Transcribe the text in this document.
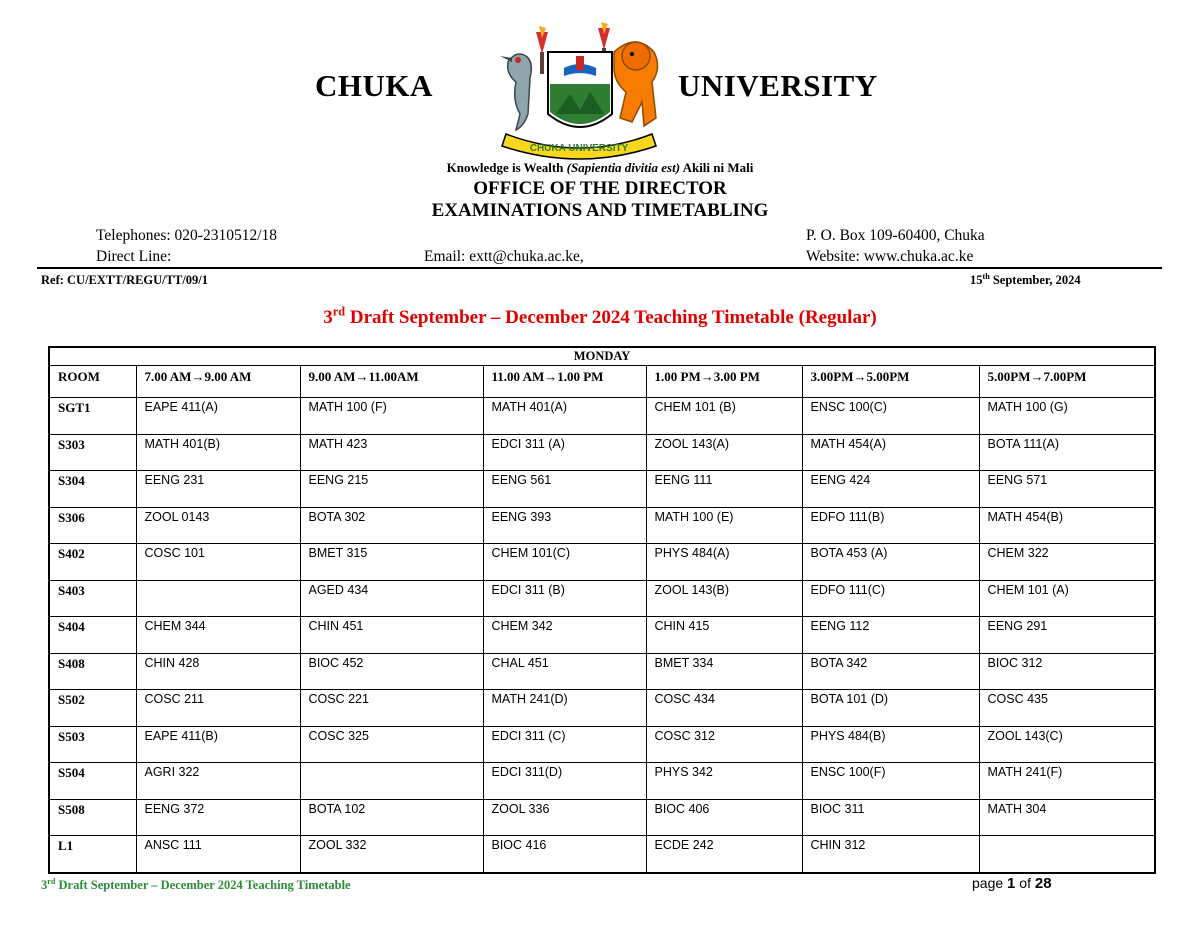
CHUKA
CHUKA UNIVERSITY
UNIVERSITY
Knowledge is Wealth (Sapientia divitia est) Akili ni Mali
OFFICE OF THE DIRECTOR
EXAMINATIONS AND TIMETABLING
Telephones: 020-2310512/18	P. O. Box 109-60400, Chuka
Direct Line:	Email: extt@chuka.ac.ke,	Website: www.chuka.ac.ke
Ref: CU/EXTT/REGU/TT/09/1	15th September, 2024
3rd Draft September – December 2024 Teaching Timetable (Regular)
MONDAY						
ROOM	7.00 AM→9.00 AM	9.00 AM→11.00AM	11.00 AM→1.00 PM	1.00 PM→3.00 PM	3.00PM→5.00PM	5.00PM→7.00PM
SGT1	EAPE 411(A)	MATH 100 (F)	MATH 401(A)	CHEM 101 (B)	ENSC 100(C)	MATH 100 (G)
S303	MATH 401(B)	MATH 423	EDCI 311 (A)	ZOOL 143(A)	MATH 454(A)	BOTA 111(A)
S304	EENG 231	EENG 215	EENG 561	EENG 111	EENG 424	EENG 571
S306	ZOOL 0143	BOTA 302	EENG 393	MATH 100 (E)	EDFO 111(B)	MATH 454(B)
S402	COSC 101	BMET 315	CHEM 101(C)	PHYS 484(A)	BOTA 453 (A)	CHEM 322
S403		AGED 434	EDCI 311 (B)	ZOOL 143(B)	EDFO 111(C)	CHEM 101 (A)
S404	CHEM 344	CHIN 451	CHEM 342	CHIN 415	EENG 112	EENG 291
S408	CHIN 428	BIOC 452	CHAL 451	BMET 334	BOTA 342	BIOC 312
S502	COSC 211	COSC 221	MATH 241(D)	COSC 434	BOTA 101 (D)	COSC 435
S503	EAPE 411(B)	COSC 325	EDCI 311 (C)	COSC 312	PHYS 484(B)	ZOOL 143(C)
S504	AGRI 322		EDCI 311(D)	PHYS 342	ENSC 100(F)	MATH 241(F)
S508	EENG 372	BOTA 102	ZOOL 336	BIOC 406	BIOC 311	MATH 304
L1	ANSC 111	ZOOL 332	BIOC 416	ECDE 242	CHIN 312	
3rd Draft September – December 2024 Teaching Timetable	page 1 of 28
